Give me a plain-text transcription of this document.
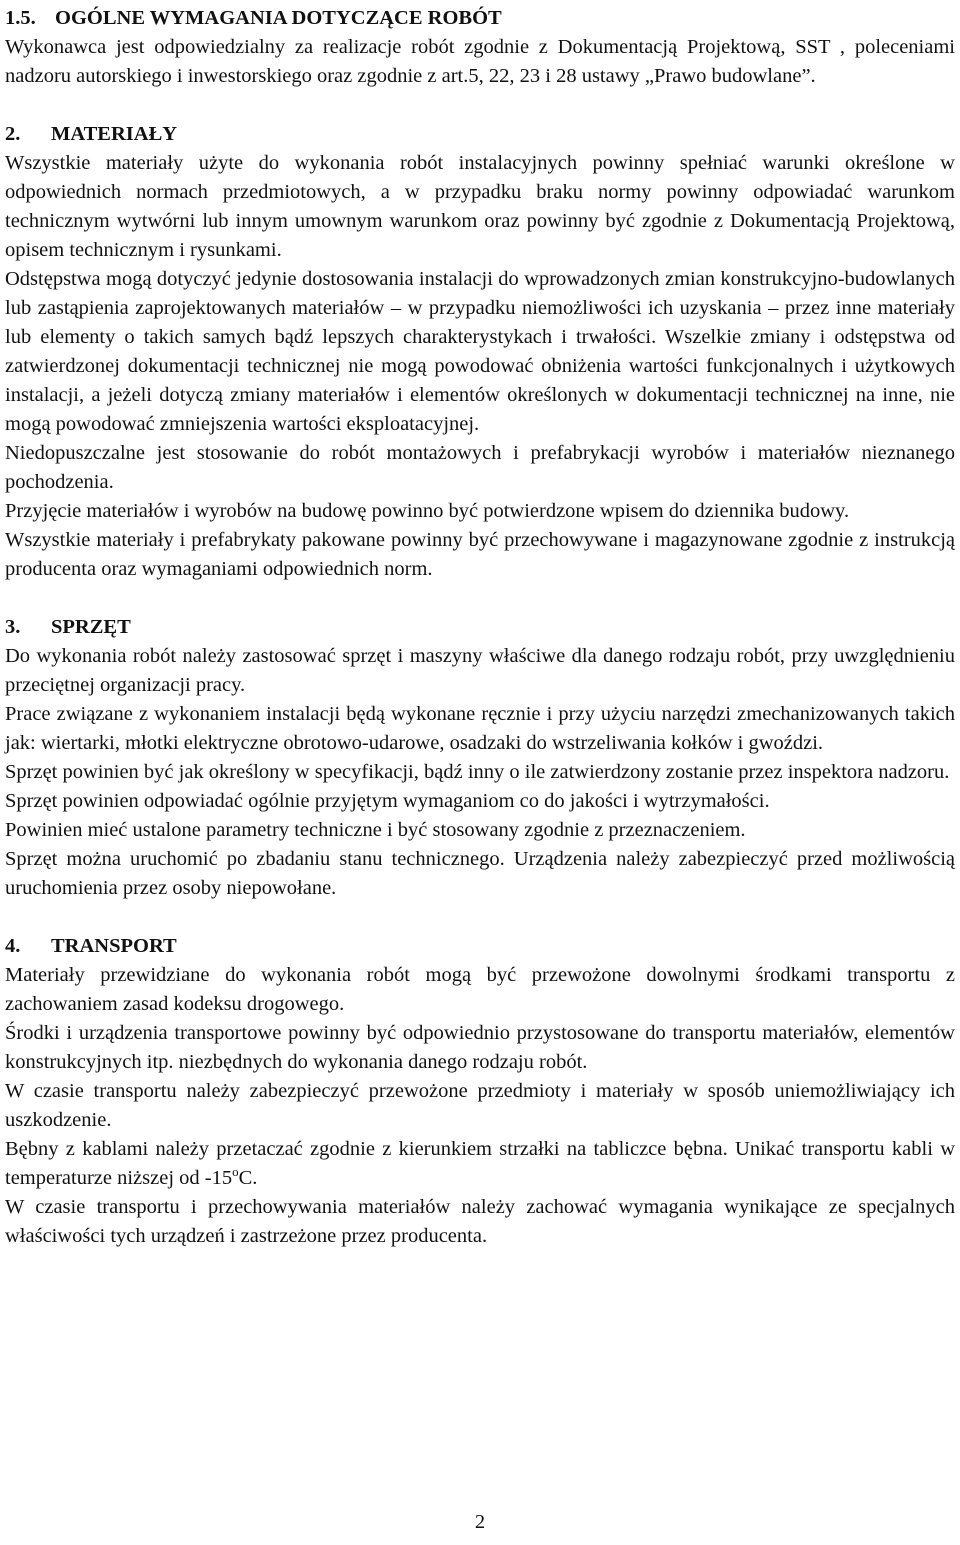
1.5. OGÓLNE WYMAGANIA DOTYCZĄCE ROBÓT

Wykonawca jest odpowiedzialny za realizacje robót zgodnie z Dokumentacją Projektową, SST , poleceniami nadzoru autorskiego i inwestorskiego oraz zgodnie z art.5, 22, 23 i 28 ustawy „Prawo budowlane”.

2. MATERIAŁY

Wszystkie materiały użyte do wykonania robót instalacyjnych powinny spełniać warunki określone w odpowiednich normach przedmiotowych, a w przypadku braku normy powinny odpowiadać warunkom technicznym wytwórni lub innym umownym warunkom oraz powinny być zgodnie z Dokumentacją Projektową, opisem technicznym i rysunkami.

Odstępstwa mogą dotyczyć jedynie dostosowania instalacji do wprowadzonych zmian konstrukcyjno-budowlanych lub zastąpienia zaprojektowanych materiałów – w przypadku niemożliwości ich uzyskania – przez inne materiały lub elementy o takich samych bądź lepszych charakterystykach i trwałości. Wszelkie zmiany i odstępstwa od zatwierdzonej dokumentacji technicznej nie mogą powodować obniżenia wartości funkcjonalnych i użytkowych instalacji, a jeżeli dotyczą zmiany materiałów i elementów określonych w dokumentacji technicznej na inne, nie mogą powodować zmniejszenia wartości eksploatacyjnej.

Niedopuszczalne jest stosowanie do robót montażowych i prefabrykacji wyrobów i materiałów nieznanego pochodzenia.

Przyjęcie materiałów i wyrobów na budowę powinno być potwierdzone wpisem do dziennika budowy.

Wszystkie materiały i prefabrykaty pakowane powinny być przechowywane i magazynowane zgodnie z instrukcją producenta oraz wymaganiami odpowiednich norm.

3. SPRZĘT

Do wykonania robót należy zastosować sprzęt i maszyny właściwe dla danego rodzaju robót, przy uwzględnieniu przeciętnej organizacji pracy.

Prace związane z wykonaniem instalacji będą wykonane ręcznie i przy użyciu narzędzi zmechanizowanych takich jak: wiertarki, młotki elektryczne obrotowo-udarowe, osadzaki do wstrzeliwania kołków i gwoździ.

Sprzęt powinien być jak określony w specyfikacji, bądź inny o ile zatwierdzony zostanie przez inspektora nadzoru.

Sprzęt powinien odpowiadać ogólnie przyjętym wymaganiom co do jakości i wytrzymałości.

Powinien mieć ustalone parametry techniczne i być stosowany zgodnie z przeznaczeniem.

Sprzęt można uruchomić po zbadaniu stanu technicznego. Urządzenia należy zabezpieczyć przed możliwością uruchomienia przez osoby niepowołane.

4. TRANSPORT

Materiały przewidziane do wykonania robót mogą być przewożone dowolnymi środkami transportu z zachowaniem zasad kodeksu drogowego.

Środki i urządzenia transportowe powinny być odpowiednio przystosowane do transportu materiałów, elementów konstrukcyjnych itp. niezbędnych do wykonania danego rodzaju robót.

W czasie transportu należy zabezpieczyć przewożone przedmioty i materiały w sposób uniemożliwiający ich uszkodzenie.

Bębny z kablami należy przetaczać zgodnie z kierunkiem strzałki na tabliczce bębna. Unikać transportu kabli w temperaturze niższej od -15$^o$C.

W czasie transportu i przechowywania materiałów należy zachować wymagania wynikające ze specjalnych właściwości tych urządzeń i zastrzeżone przez producenta.

2
